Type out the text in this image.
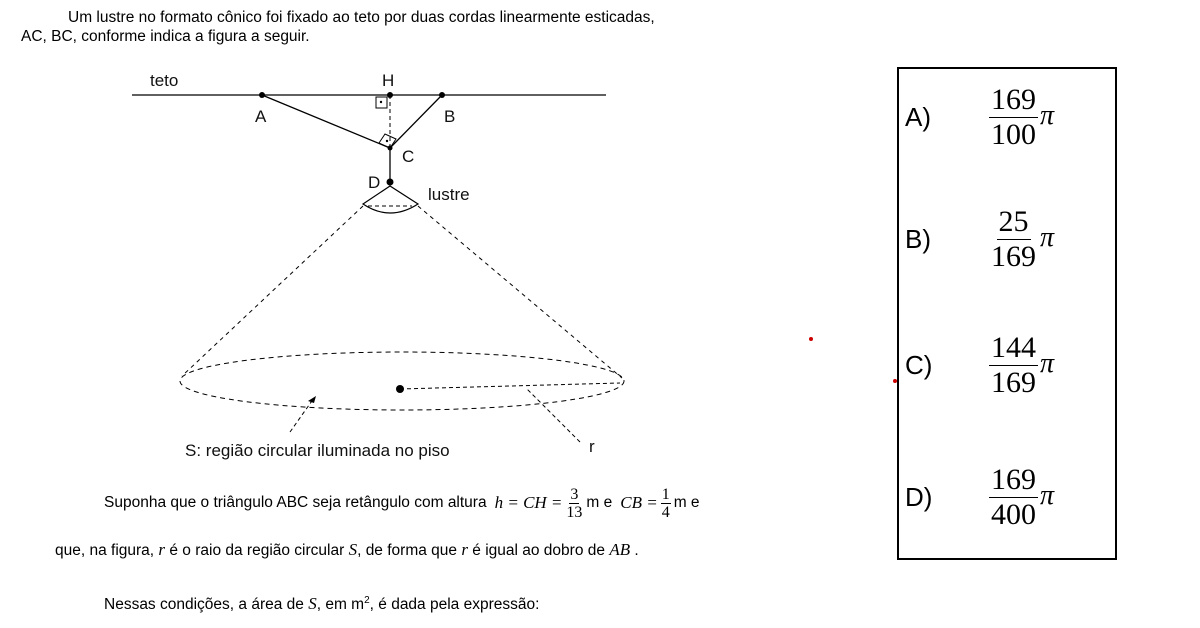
Um lustre no formato cônico foi fixado ao teto por duas cordas linearmente esticadas,
AC, BC, conforme indica a figura a seguir.
teto	H
A	B
C
D
lustre
r
S: região circular iluminada no piso
Suponha que o triângulo ABC seja retângulo com altura h = CH = $\frac{3}{13}$ m e CB = $\frac{1}{4}$ m e
que, na figura, r é o raio da região circular S, de forma que r é igual ao dobro de AB .
Nessas condições, a área de S, em $m^2$, é dada pela expressão:
A)	$\frac{169}{100}$ π
B)	$\frac{25}{169}$ π
C)	$\frac{144}{169}$ π
D)	$\frac{169}{400}$ π
